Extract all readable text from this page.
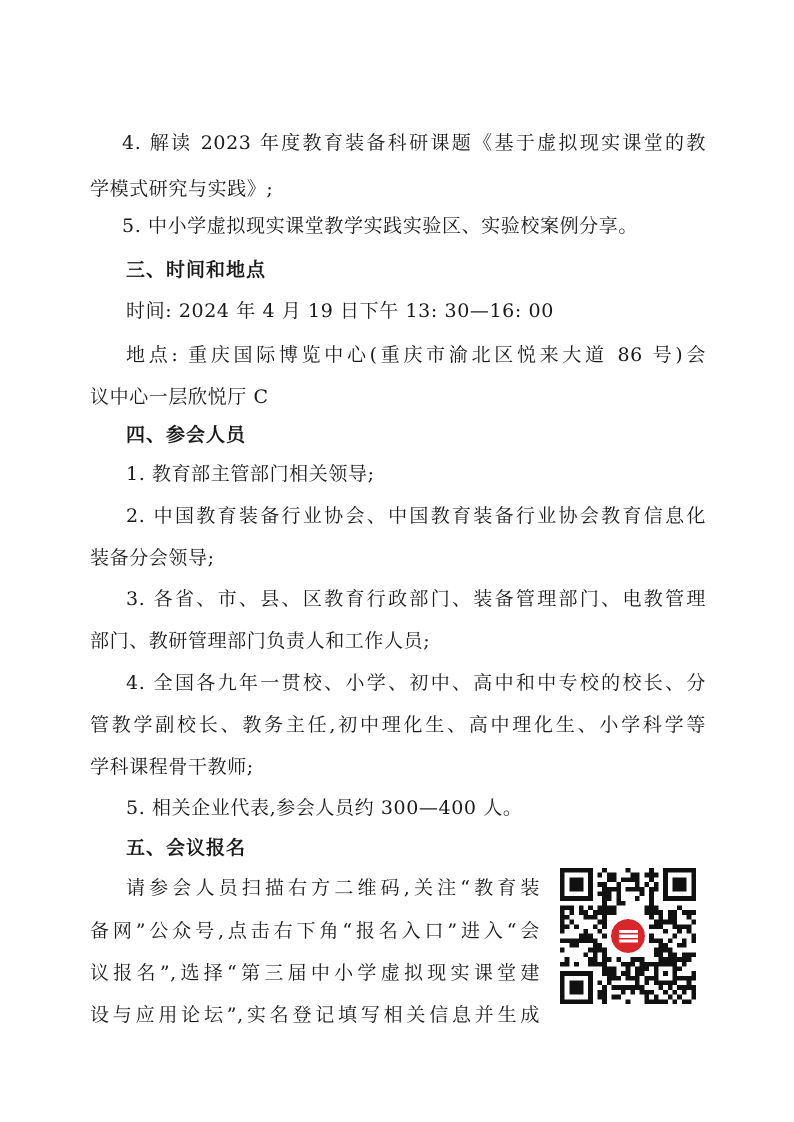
4. 解读 2023 年度教育装备科研课题《基于虚拟现实课堂的教
学模式研究与实践》;
5. 中小学虚拟现实课堂教学实践实验区、实验校案例分享。
三、时间和地点
时间: 2024 年 4 月 19 日下午 13: 30—16: 00
地点: 重庆国际博览中心(重庆市渝北区悦来大道 86 号)会
议中心一层欣悦厅 C
四、参会人员
1. 教育部主管部门相关领导;
2. 中国教育装备行业协会、中国教育装备行业协会教育信息化
装备分会领导;
3. 各省、市、县、区教育行政部门、装备管理部门、电教管理
部门、教研管理部门负责人和工作人员;
4. 全国各九年一贯校、小学、初中、高中和中专校的校长、分
管教学副校长、教务主任,初中理化生、高中理化生、小学科学等
学科课程骨干教师;
5. 相关企业代表,参会人员约 300—400 人。
五、会议报名
请参会人员扫描右方二维码,关注“教育装
备网”公众号,点击右下角“报名入口”进入“会
议报名”,选择“第三届中小学虚拟现实课堂建
设与应用论坛”,实名登记填写相关信息并生成
